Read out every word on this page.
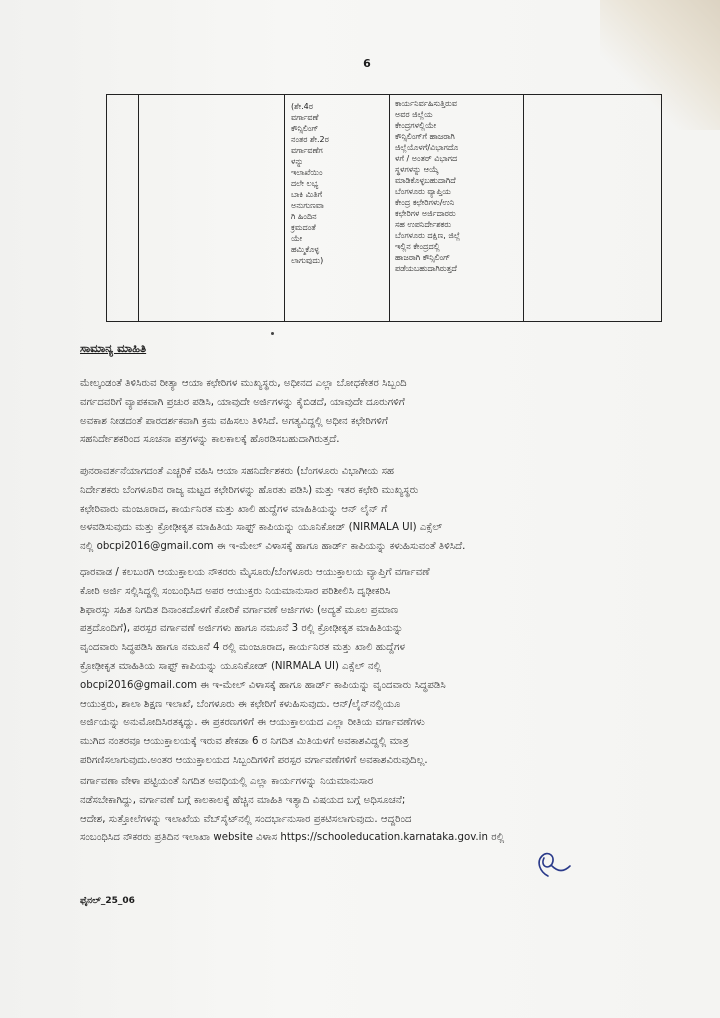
6
(ಶೇ.4ರ
ವರ್ಗಾವಣೆ
ಕೌನ್ಸಿಲಿಂಗ್
ನಂತರ ಶೇ.2ರ
ವರ್ಗಾವಣೆಗ
ಳನ್ನು
ಇಲಾಖೆಯಿಂ
ದಲೇ ಲಭ್ಯ
ಬಾಕಿ ಮಿತಿಗೆ
ಅನುಗುಣವಾ
ಗಿ ಹಿಂದಿನ
ಕ್ರಮದಂತೆ
ಯೇ
ಹಮ್ಮಿಕೊಳ್ಳ
ಲಾಗುವುದು)
ಕಾರ್ಯನಿರ್ವಹಿಸುತ್ತಿರುವ
ಅವರ ಜಿಲ್ಲೆಯ
ಕೇಂದ್ರಗಳಲ್ಲಿಯೇ
ಕೌನ್ಸಿಲಿಂಗ್‌ಗೆ ಹಾಜರಾಗಿ
ಜಿಲ್ಲೆಯೊಳಗೆ/ವಿಭಾಗದೊ
ಳಗೆ / ಅಂತರ್ ವಿಭಾಗದ
ಸ್ಥಳಗಳನ್ನು ಆಯ್ಕೆ
ಮಾಡಿಕೊಳ್ಳಬಹುದಾಗಿದೆ
ಬೆಂಗಳೂರು ವ್ಯಾಪ್ತಿಯ
ಕೇಂದ್ರ ಕಛೇರಿಗಳು/ಉನಿ
ಕಛೇರಿಗಳ ಅರ್ಜಿದಾರರು
ಸಹ ಉಪನಿರ್ದೇಶಕರು
ಬೆಂಗಳೂರು ದಕ್ಷಿಣ, ಜಿಲ್ಲೆ
ಇಲ್ಲಿನ ಕೇಂದ್ರದಲ್ಲಿ
ಹಾಜರಾಗಿ ಕೌನ್ಸಿಲಿಂಗ್
ಪಡೆಯಬಹುದಾಗಿರುತ್ತದೆ
ಸಾಮಾನ್ಯ ಮಾಹಿತಿ
ಮೇಲ್ಕಂಡಂತೆ ತಿಳಿಸಿರುವ ರೀತ್ಯಾ ಆಯಾ ಕಛೇರಿಗಳ ಮುಖ್ಯಸ್ಥರು, ಅಧೀನದ ಎಲ್ಲಾ ಬೋಧಕೇತರ ಸಿಬ್ಬಂದಿ
ವರ್ಗದವರಿಗೆ ವ್ಯಾಪಕವಾಗಿ ಪ್ರಚುರ ಪಡಿಸಿ, ಯಾವುದೇ ಅರ್ಜಿಗಳನ್ನು ಕೈಬಿಡದೆ, ಯಾವುದೇ ದೂರುಗಳಿಗೆ
ಅವಕಾಶ ನೀಡದಂತೆ ಪಾರದರ್ಶಕವಾಗಿ ಕ್ರಮ ವಹಿಸಲು ತಿಳಿಸಿದೆ. ಅಗತ್ಯವಿದ್ದಲ್ಲಿ ಅಧೀನ ಕಛೇರಿಗಳಿಗೆ
ಸಹನಿರ್ದೇಶಕರಿಂದ ಸೂಚನಾ ಪತ್ರಗಳನ್ನು ಕಾಲಕಾಲಕ್ಕೆ ಹೊರಡಿಸಬಹುದಾಗಿರುತ್ತದೆ.
ಪುನರಾವರ್ತನೆಯಾಗದಂತೆ ಎಚ್ಚರಿಕೆ ವಹಿಸಿ ಆಯಾ ಸಹನಿರ್ದೇಶಕರು (ಬೆಂಗಳೂರು ವಿಭಾಗೀಯ ಸಹ
ನಿರ್ದೇಶಕರು ಬೆಂಗಳೂರಿನ ರಾಜ್ಯ ಮಟ್ಟದ ಕಛೇರಿಗಳನ್ನು ಹೊರತು ಪಡಿಸಿ) ಮತ್ತು ಇತರ ಕಛೇರಿ ಮುಖ್ಯಸ್ಥರು
ಕಛೇರಿವಾರು ಮಂಜೂರಾದ, ಕಾರ್ಯನಿರತ ಮತ್ತು ಖಾಲಿ ಹುದ್ದೆಗಳ ಮಾಹಿತಿಯನ್ನು ಆನ್ ಲೈನ್ ಗೆ
ಅಳವಡಿಸುವುದು ಮತ್ತು ಕ್ರೋಢೀಕೃತ ಮಾಹಿತಿಯ ಸಾಫ್ಟ್ ಕಾಪಿಯನ್ನು ಯೂನಿಕೋಡ್ (NIRMALA UI) ಎಕ್ಸೆಲ್
ನಲ್ಲಿ obcpi2016@gmail.com ಈ ಇ-ಮೇಲ್ ವಿಳಾಸಕ್ಕೆ ಹಾಗೂ ಹಾರ್ಡ್ ಕಾಪಿಯನ್ನು ಕಳುಹಿಸುವಂತೆ ತಿಳಿಸಿದೆ.
ಧಾರವಾಡ / ಕಲಬುರಗಿ ಆಯುಕ್ತಾಲಯ ನೌಕರರು ಮೈಸೂರು/ಬೆಂಗಳೂರು ಆಯುಕ್ತಾಲಯ ವ್ಯಾಪ್ತಿಗೆ ವರ್ಗಾವಣೆ
ಕೋರಿ ಅರ್ಜಿ ಸಲ್ಲಿಸಿದ್ದಲ್ಲಿ ಸಂಬಂಧಿಸಿದ ಅಪರ ಆಯುಕ್ತರು ನಿಯಮಾನುಸಾರ ಪರಿಶೀಲಿಸಿ ದೃಢೀಕರಿಸಿ
ಶಿಫಾರಸ್ಸು ಸಹಿತ ನಿಗದಿತ ದಿನಾಂಕದೊಳಗೆ ಕೋರಿಕೆ ವರ್ಗಾವಣೆ ಅರ್ಜಿಗಳು (ಅದ್ಯತೆ ಮೂಲ ಪ್ರಮಾಣ
ಪತ್ರದೊಂದಿಗೆ), ಪರಸ್ಪರ ವರ್ಗಾವಣೆ ಅರ್ಜಿಗಳು ಹಾಗೂ ನಮೂನೆ 3 ರಲ್ಲಿ ಕ್ರೋಢೀಕೃತ ಮಾಹಿತಿಯನ್ನು
ವೃಂದವಾರು ಸಿದ್ಧಪಡಿಸಿ ಹಾಗೂ ನಮೂನೆ 4 ರಲ್ಲಿ ಮಂಜೂರಾದ, ಕಾರ್ಯನಿರತ ಮತ್ತು ಖಾಲಿ ಹುದ್ದೆಗಳ
ಕ್ರೋಢೀಕೃತ ಮಾಹಿತಿಯ ಸಾಫ್ಟ್ ಕಾಪಿಯನ್ನು ಯೂನಿಕೋಡ್ (NIRMALA UI) ಎಕ್ಸೆಲ್ ನಲ್ಲಿ
obcpi2016@gmail.com ಈ ಇ-ಮೇಲ್ ವಿಳಾಸಕ್ಕೆ ಹಾಗೂ ಹಾರ್ಡ್ ಕಾಪಿಯನ್ನು ವೃಂದವಾರು ಸಿದ್ಧಪಡಿಸಿ
ಆಯುಕ್ತರು, ಶಾಲಾ ಶಿಕ್ಷಣ ಇಲಾಖೆ, ಬೆಂಗಳೂರು ಈ ಕಛೇರಿಗೆ ಕಳುಹಿಸುವುದು. ಆನ್/ಲೈನ್‌ನಲ್ಲಿಯೂ
ಅರ್ಜಿಯನ್ನು ಅನುಮೋದಿಸಿರತಕ್ಕದ್ದು. ಈ ಪ್ರಕರಣಗಳಿಗೆ ಈ ಆಯುಕ್ತಾಲಯದ ಎಲ್ಲಾ ರೀತಿಯ ವರ್ಗಾವಣೆಗಳು
ಮುಗಿದ ನಂತರವೂ ಆಯುಕ್ತಾಲಯಕ್ಕೆ ಇರುವ ಶೇಕಡಾ 6 ರ ನಿಗದಿತ ಮಿತಿಯಳಗೆ ಅವಕಾಶವಿದ್ದಲ್ಲಿ ಮಾತ್ರ
ಪರಿಗಣಿಸಲಾಗುವುದು.ಅಂತರ ಆಯುಕ್ತಾಲಯದ ಸಿಬ್ಬಂದಿಗಳಿಗೆ ಪರಸ್ಪರ ವರ್ಗಾವಣೆಗಳಿಗೆ ಅವಕಾಶವಿರುವುದಿಲ್ಲ.
ವರ್ಗಾವಣಾ ವೇಳಾ ಪಟ್ಟಿಯಂತೆ ನಿಗದಿತ ಅವಧಿಯಲ್ಲಿ ಎಲ್ಲಾ ಕಾರ್ಯಗಳನ್ನು ನಿಯಮಾನುಸಾರ
ನಡೆಸಬೇಕಾಗಿದ್ದು, ವರ್ಗಾವಣೆ ಬಗ್ಗೆ ಕಾಲಕಾಲಕ್ಕೆ ಹೆಚ್ಚಿನ ಮಾಹಿತಿ ಇತ್ಯಾದಿ ವಿಷಯದ ಬಗ್ಗೆ ಅಧಿಸೂಚನೆ;
ಆದೇಶ, ಸುತ್ತೋಲೆಗಳನ್ನು ಇಲಾಖೆಯ ವೆಬ್‌ಸೈಟ್‌ನಲ್ಲಿ ಸಂದರ್ಭಾನುಸಾರ ಪ್ರಕಟಿಸಲಾಗುವುದು. ಆದ್ದರಿಂದ
ಸಂಬಂಧಿಸಿದ ನೌಕರರು ಪ್ರತಿದಿನ ಇಲಾಖಾ website ವಿಳಾಸ https://schooleducation.karnataka.gov.in ರಲ್ಲಿ
ಫೈನಲ್_25_06
